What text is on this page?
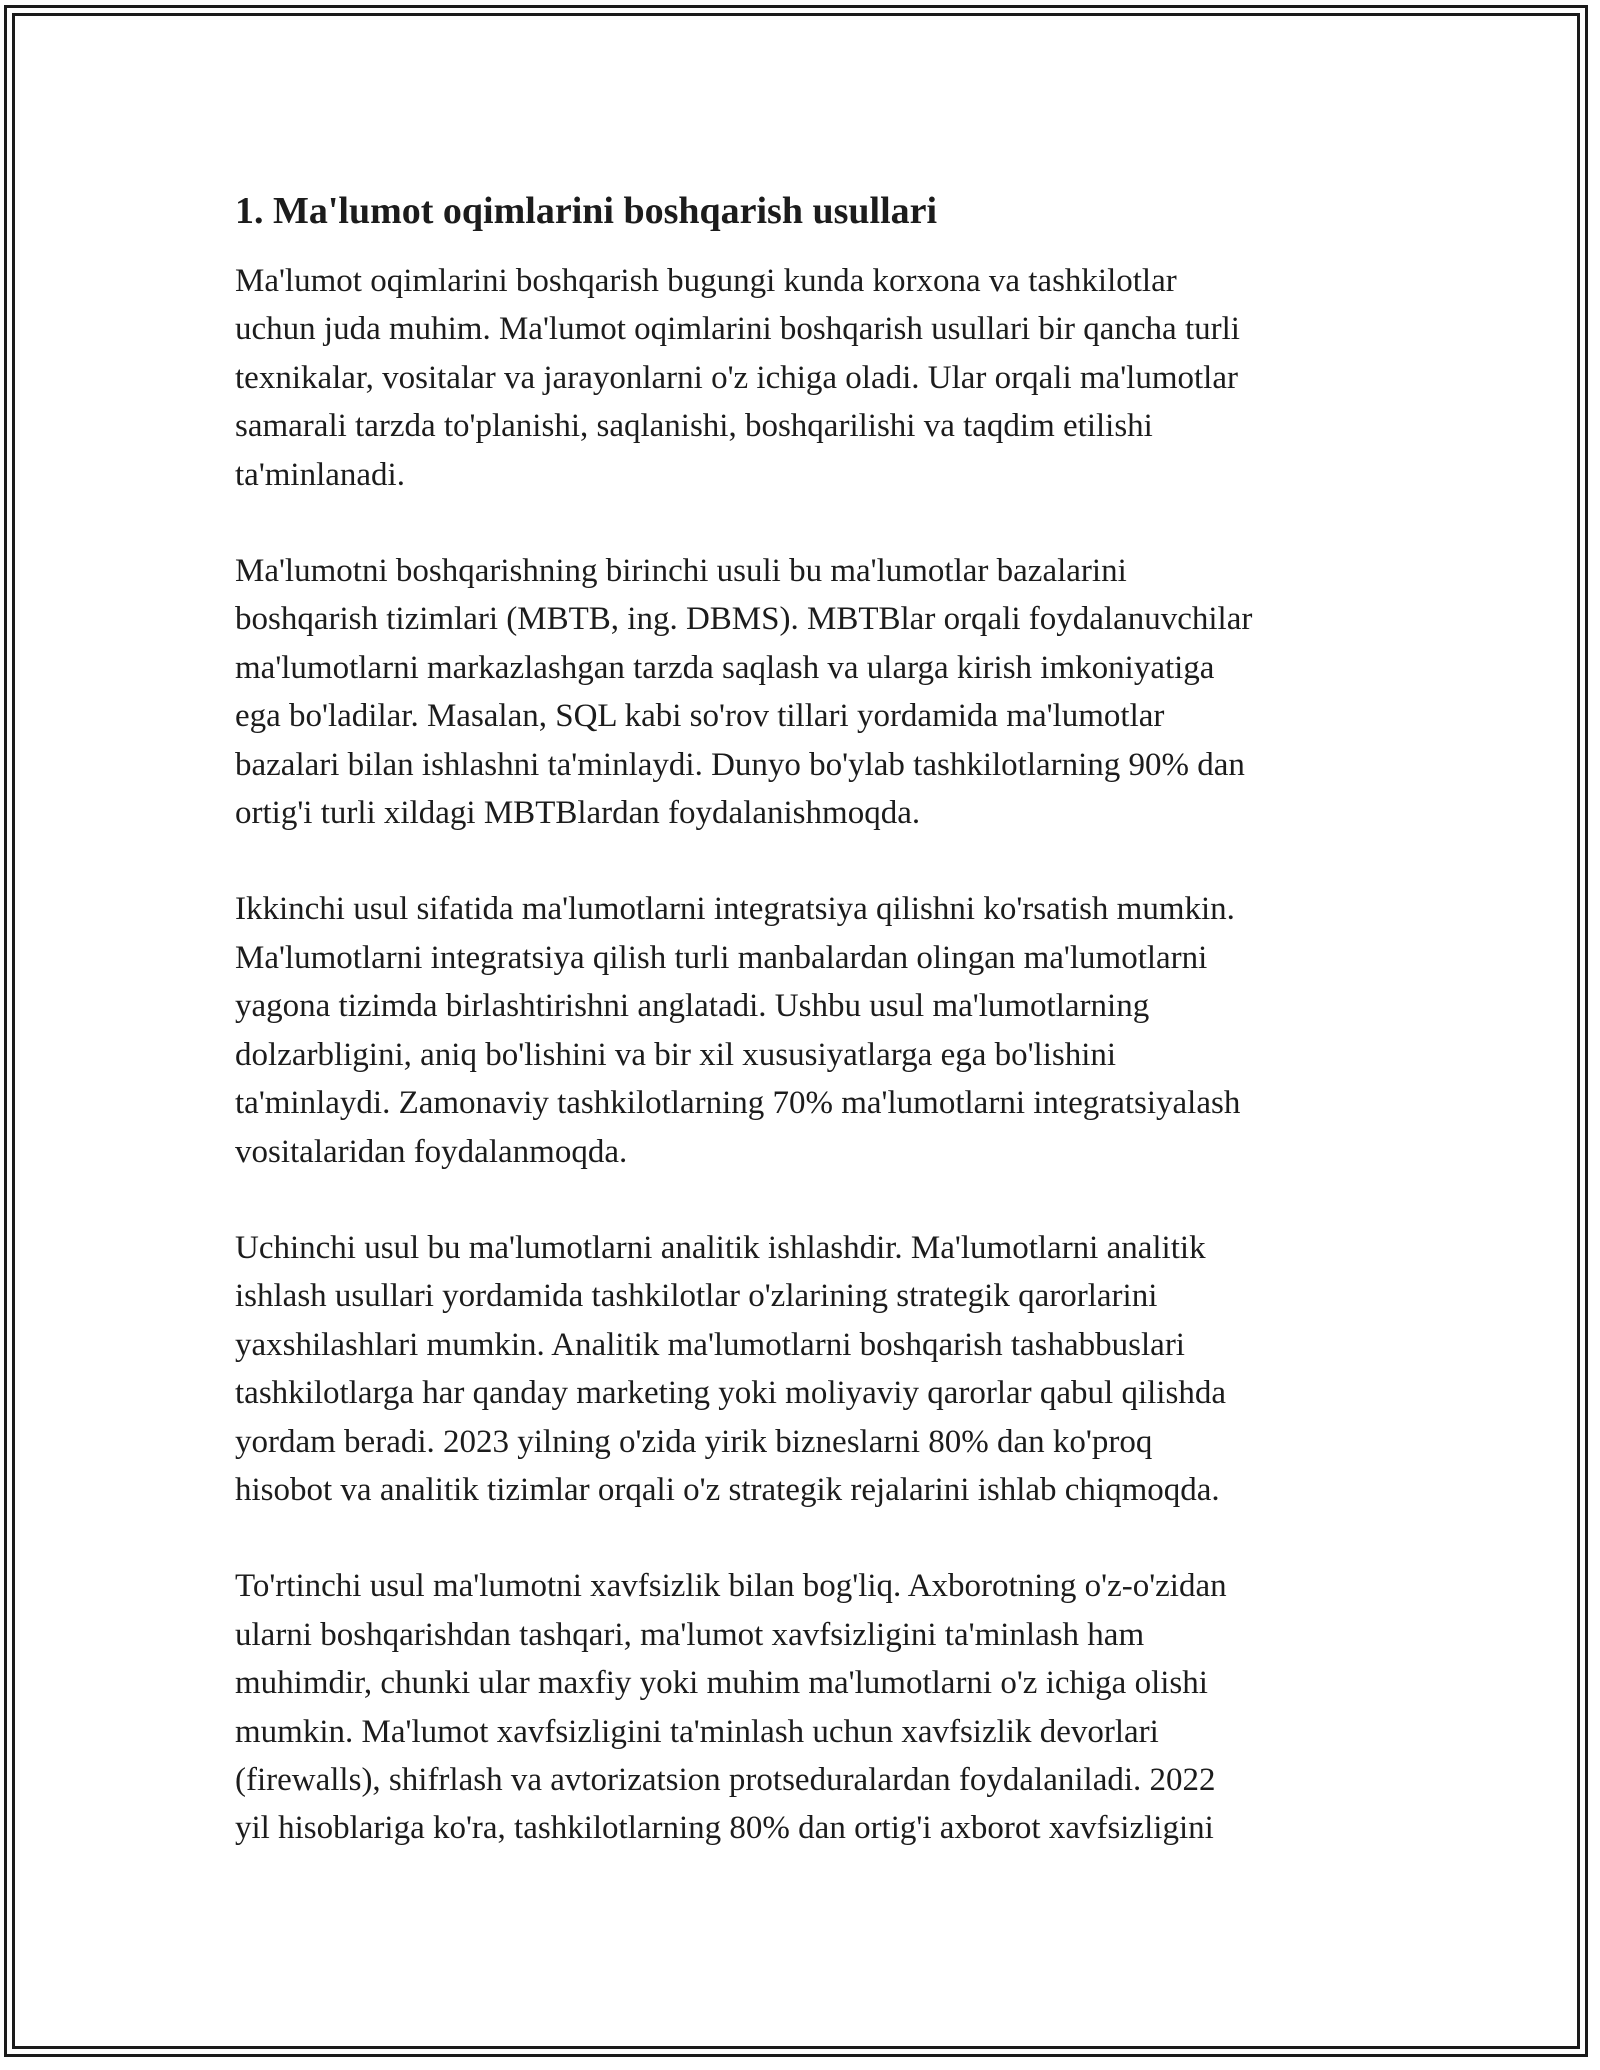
1. Ma'lumot oqimlarini boshqarish usullari

Ma'lumot oqimlarini boshqarish bugungi kunda korxona va tashkilotlar
uchun juda muhim. Ma'lumot oqimlarini boshqarish usullari bir qancha turli
texnikalar, vositalar va jarayonlarni o'z ichiga oladi. Ular orqali ma'lumotlar
samarali tarzda to'planishi, saqlanishi, boshqarilishi va taqdim etilishi
ta'minlanadi.

Ma'lumotni boshqarishning birinchi usuli bu ma'lumotlar bazalarini
boshqarish tizimlari (MBTB, ing. DBMS). MBTBlar orqali foydalanuvchilar
ma'lumotlarni markazlashgan tarzda saqlash va ularga kirish imkoniyatiga
ega bo'ladilar. Masalan, SQL kabi so'rov tillari yordamida ma'lumotlar
bazalari bilan ishlashni ta'minlaydi. Dunyo bo'ylab tashkilotlarning 90% dan
ortig'i turli xildagi MBTBlardan foydalanishmoqda.

Ikkinchi usul sifatida ma'lumotlarni integratsiya qilishni ko'rsatish mumkin.
Ma'lumotlarni integratsiya qilish turli manbalardan olingan ma'lumotlarni
yagona tizimda birlashtirishni anglatadi. Ushbu usul ma'lumotlarning
dolzarbligini, aniq bo'lishini va bir xil xususiyatlarga ega bo'lishini
ta'minlaydi. Zamonaviy tashkilotlarning 70% ma'lumotlarni integratsiyalash
vositalaridan foydalanmoqda.

Uchinchi usul bu ma'lumotlarni analitik ishlashdir. Ma'lumotlarni analitik
ishlash usullari yordamida tashkilotlar o'zlarining strategik qarorlarini
yaxshilashlari mumkin. Analitik ma'lumotlarni boshqarish tashabbuslari
tashkilotlarga har qanday marketing yoki moliyaviy qarorlar qabul qilishda
yordam beradi. 2023 yilning o'zida yirik bizneslarni 80% dan ko'proq
hisobot va analitik tizimlar orqali o'z strategik rejalarini ishlab chiqmoqda.

To'rtinchi usul ma'lumotni xavfsizlik bilan bog'liq. Axborotning o'z-o'zidan
ularni boshqarishdan tashqari, ma'lumot xavfsizligini ta'minlash ham
muhimdir, chunki ular maxfiy yoki muhim ma'lumotlarni o'z ichiga olishi
mumkin. Ma'lumot xavfsizligini ta'minlash uchun xavfsizlik devorlari
(firewalls), shifrlash va avtorizatsion protseduralardan foydalaniladi. 2022
yil hisoblariga ko'ra, tashkilotlarning 80% dan ortig'i axborot xavfsizligini
